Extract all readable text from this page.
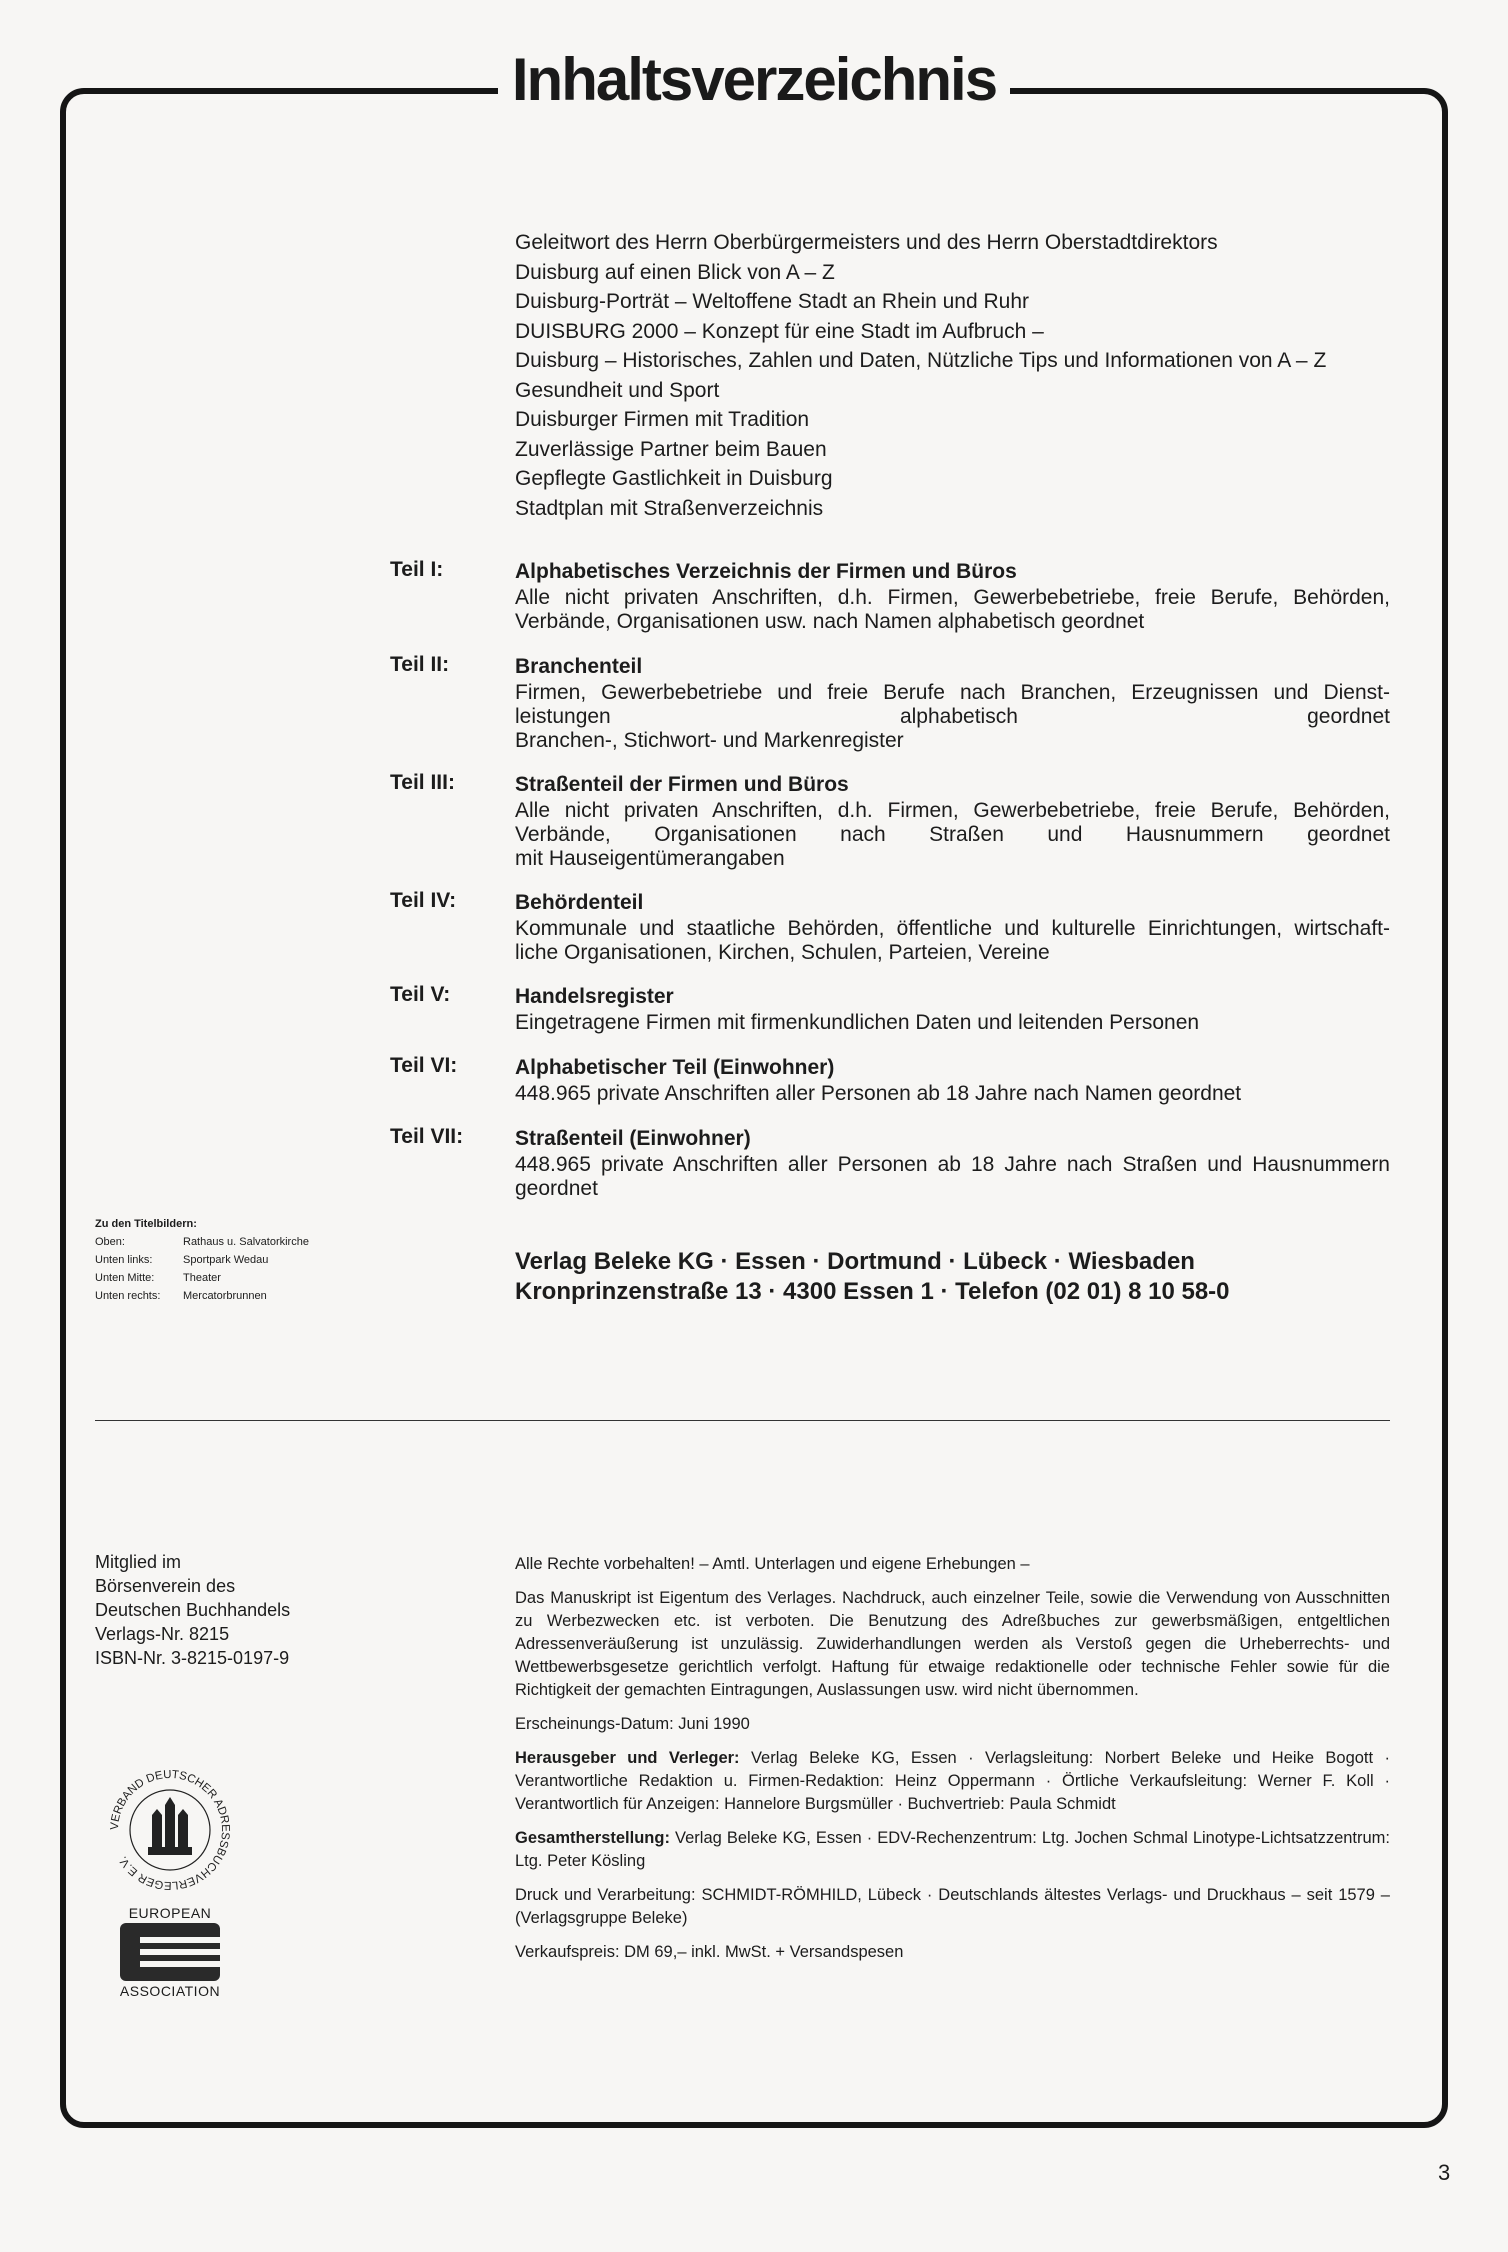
Inhaltsverzeichnis
Geleitwort des Herrn Oberbürgermeisters und des Herrn Oberstadtdirektors
Duisburg auf einen Blick von A – Z
Duisburg-Porträt – Weltoffene Stadt an Rhein und Ruhr
DUISBURG 2000 – Konzept für eine Stadt im Aufbruch –
Duisburg – Historisches, Zahlen und Daten, Nützliche Tips und Informationen von A – Z
Gesundheit und Sport
Duisburger Firmen mit Tradition
Zuverlässige Partner beim Bauen
Gepflegte Gastlichkeit in Duisburg
Stadtplan mit Straßenverzeichnis
Teil I:	Alphabetisches Verzeichnis der Firmen und Büros
Alle nicht privaten Anschriften, d.h. Firmen, Gewerbebetriebe, freie Berufe, Behörden,
Verbände, Organisationen usw. nach Namen alphabetisch geordnet
Teil II:	Branchenteil
Firmen, Gewerbebetriebe und freie Berufe nach Branchen, Erzeugnissen und Dienst-
leistungen alphabetisch geordnet
Branchen-, Stichwort- und Markenregister
Teil III:	Straßenteil der Firmen und Büros
Alle nicht privaten Anschriften, d.h. Firmen, Gewerbebetriebe, freie Berufe, Behörden,
Verbände, Organisationen nach Straßen und Hausnummern geordnet
mit Hauseigentümerangaben
Teil IV:	Behördenteil
Kommunale und staatliche Behörden, öffentliche und kulturelle Einrichtungen, wirtschaft-
liche Organisationen, Kirchen, Schulen, Parteien, Vereine
Teil V:	Handelsregister
Eingetragene Firmen mit firmenkundlichen Daten und leitenden Personen
Teil VI:	Alphabetischer Teil (Einwohner)
448.965 private Anschriften aller Personen ab 18 Jahre nach Namen geordnet
Teil VII: Straßenteil (Einwohner)
448.965 private Anschriften aller Personen ab 18 Jahre nach Straßen und Hausnummern
geordnet
Zu den Titelbildern:
Oben:	Rathaus u. Salvatorkirche
Unten links:	Sportpark Wedau
Unten Mitte:	Theater
Unten rechts:	Mercatorbrunnen
Verlag Beleke KG · Essen · Dortmund · Lübeck · Wiesbaden
Kronprinzenstraße 13 · 4300 Essen 1 · Telefon (02 01) 8 10 58-0
Mitglied im
Börsenverein des
Deutschen Buchhandels
Verlags-Nr. 8215
ISBN-Nr. 3-8215-0197-9
VERBAND DEUTSCHER ADRESSBUCHVERLEGER E.V.
EUROPEAN
ASSOCIATION

Alle Rechte vorbehalten! – Amtl. Unterlagen und eigene Erhebungen –

Das Manuskript ist Eigentum des Verlages. Nachdruck, auch einzelner Teile, sowie die Verwendung von Ausschnitten zu Werbezwecken etc. ist verboten. Die Benutzung des Adreßbuches zur gewerbsmäßigen, entgeltlichen Adressenveräußerung ist unzulässig. Zuwiderhandlungen werden als Verstoß gegen die Urheberrechts- und Wettbewerbsgesetze gerichtlich verfolgt. Haftung für etwaige redaktionelle oder technische Fehler sowie für die Richtigkeit der gemachten Eintragungen, Auslassungen usw. wird nicht übernommen.

Erscheinungs-Datum: Juni 1990

Herausgeber und Verleger: Verlag Beleke KG, Essen · Verlagsleitung: Norbert Beleke und Heike Bogott · Verantwortliche Redaktion u. Firmen-Redaktion: Heinz Oppermann · Örtliche Verkaufsleitung: Werner F. Koll · Verantwortlich für Anzeigen: Hannelore Burgsmüller · Buchvertrieb: Paula Schmidt

Gesamtherstellung: Verlag Beleke KG, Essen · EDV-Rechenzentrum: Ltg. Jochen Schmal Linotype-Lichtsatzzentrum: Ltg. Peter Kösling

Druck und Verarbeitung: SCHMIDT-RÖMHILD, Lübeck · Deutschlands ältestes Verlags- und Druckhaus – seit 1579 – (Verlagsgruppe Beleke)

Verkaufspreis: DM 69,– inkl. MwSt. + Versandspesen

3
